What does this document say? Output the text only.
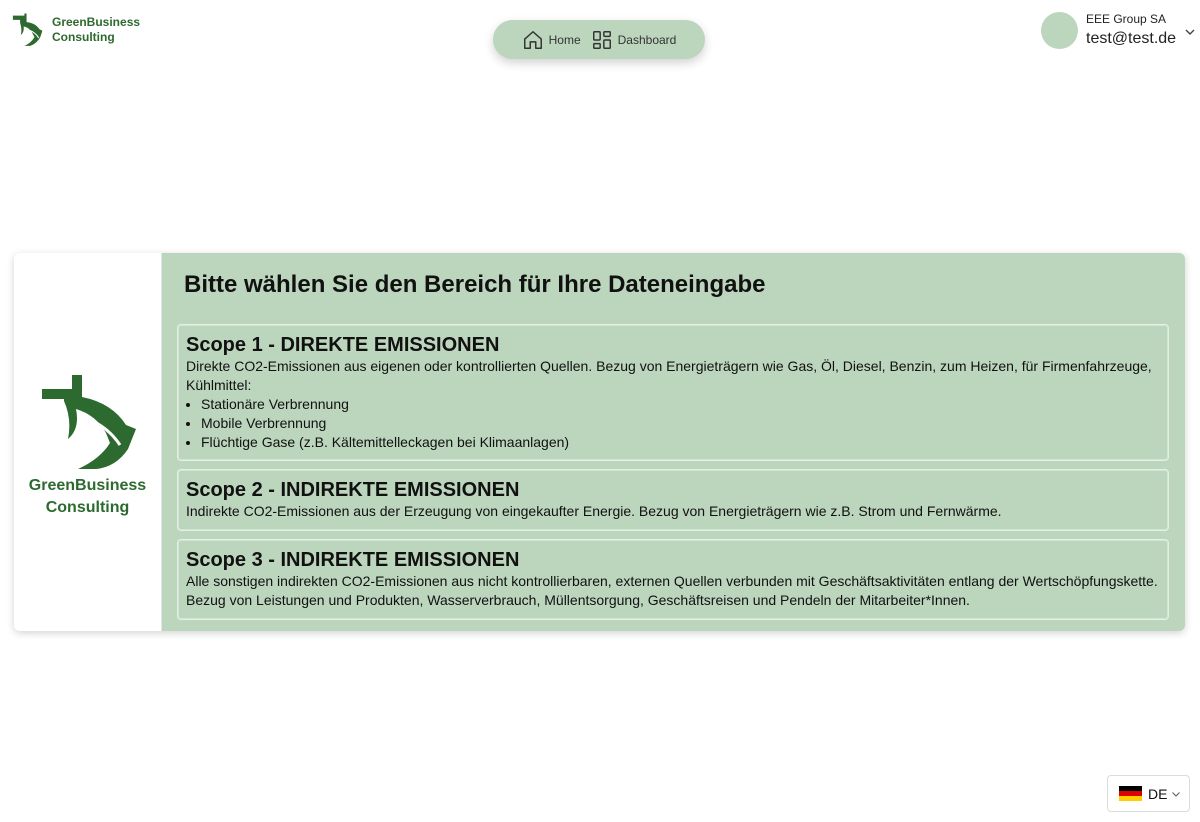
GreenBusiness
Consulting	Home	Dashboard
EEE Group SA
test@test.de
GreenBusiness
Consulting
Bitte wählen Sie den Bereich für Ihre Dateneingabe
Scope 1 - DIREKTE EMISSIONEN
Direkte CO2-Emissionen aus eigenen oder kontrollierten Quellen. Bezug von Energieträgern wie Gas, Öl, Diesel, Benzin, zum Heizen, für Firmenfahrzeuge, Kühlmittel:
• Stationäre Verbrennung
• Mobile Verbrennung
• Flüchtige Gase (z.B. Kältemittelleckagen bei Klimaanlagen)
Scope 2 - INDIREKTE EMISSIONEN
Indirekte CO2-Emissionen aus der Erzeugung von eingekaufter Energie. Bezug von Energieträgern wie z.B. Strom und Fernwärme.
Scope 3 - INDIREKTE EMISSIONEN
Alle sonstigen indirekten CO2-Emissionen aus nicht kontrollierbaren, externen Quellen verbunden mit Geschäftsaktivitäten entlang der Wertschöpfungskette. Bezug von Leistungen und Produkten, Wasserverbrauch, Müllentsorgung, Geschäftsreisen und Pendeln der Mitarbeiter*Innen.
DE
